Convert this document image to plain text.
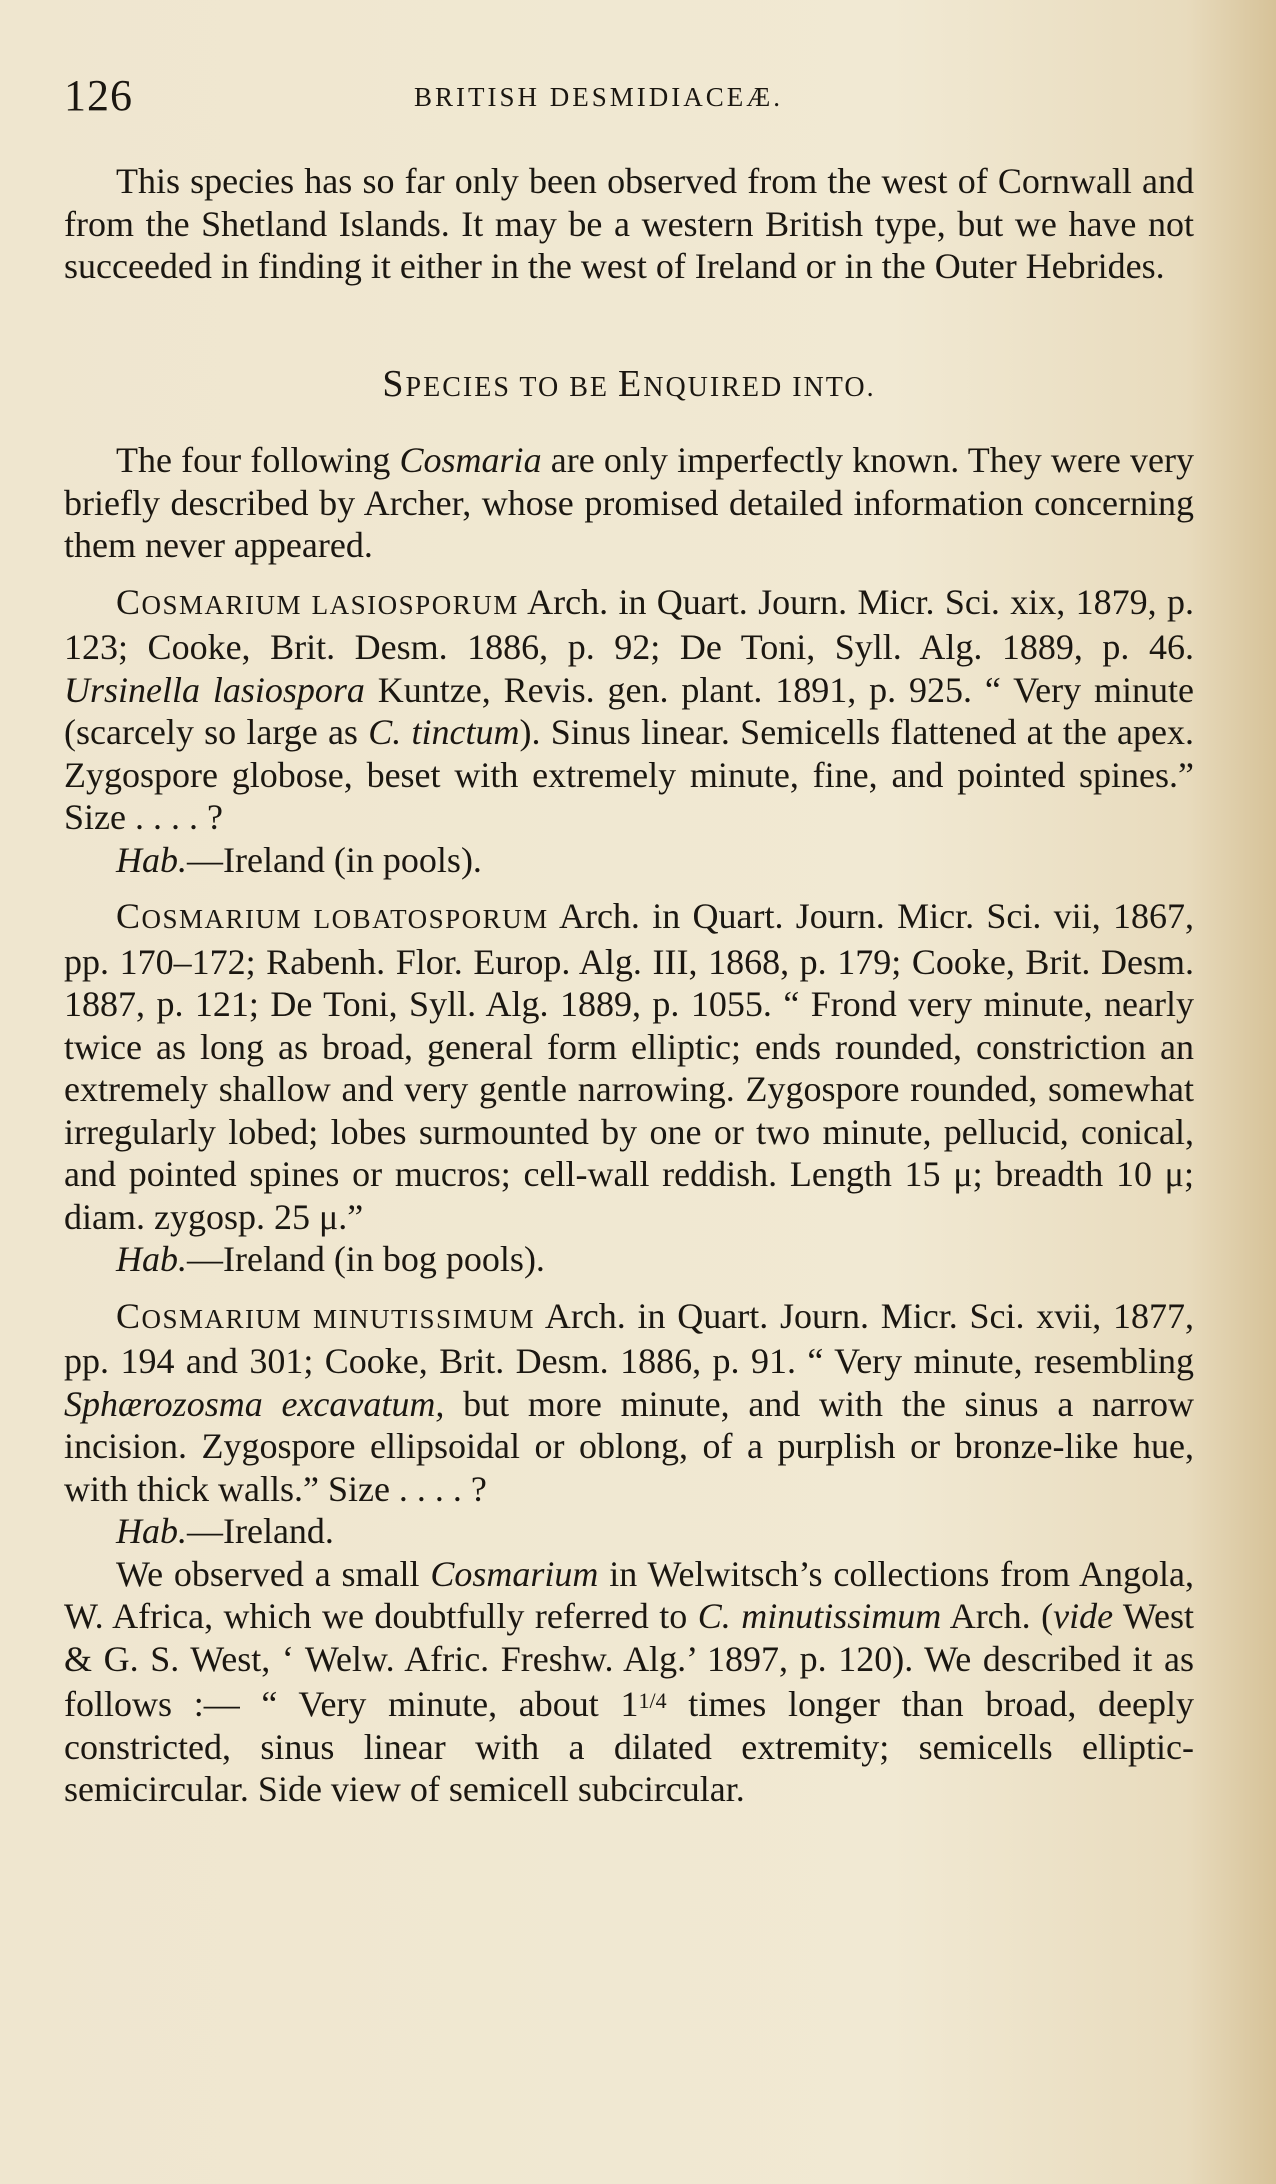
126	BRITISH DESMIDIACEÆ.

This species has so far only been observed from the west of Cornwall and from the Shetland Islands. It may be a western British type, but we have not succeeded in finding it either in the west of Ireland or in the Outer Hebrides.

SPECIES TO BE ENQUIRED INTO.

The four following Cosmaria are only imperfectly known. They were very briefly described by Archer, whose promised detailed information concerning them never appeared.

COSMARIUM LASIOSPORUM Arch. in Quart. Journ. Micr. Sci. xix, 1879, p. 123; Cooke, Brit. Desm. 1886, p. 92; De Toni, Syll. Alg. 1889, p. 46. Ursinella lasiospora Kuntze, Revis. gen. plant. 1891, p. 925. “ Very minute (scarcely so large as C. tinctum). Sinus linear. Semicells flattened at the apex. Zygospore globose, beset with extremely minute, fine, and pointed spines.” Size . . . . ?

Hab.—Ireland (in pools).

COSMARIUM LOBATOSPORUM Arch. in Quart. Journ. Micr. Sci. vii, 1867, pp. 170–172; Rabenh. Flor. Europ. Alg. III, 1868, p. 179; Cooke, Brit. Desm. 1887, p. 121; De Toni, Syll. Alg. 1889, p. 1055. “ Frond very minute, nearly twice as long as broad, general form elliptic; ends rounded, constriction an extremely shallow and very gentle narrowing. Zygospore rounded, somewhat irregularly lobed; lobes surmounted by one or two minute, pellucid, conical, and pointed spines or mucros; cell-wall reddish. Length 15 μ; breadth 10 μ; diam. zygosp. 25 μ.”

Hab.—Ireland (in bog pools).

COSMARIUM MINUTISSIMUM Arch. in Quart. Journ. Micr. Sci. xvii, 1877, pp. 194 and 301; Cooke, Brit. Desm. 1886, p. 91. “ Very minute, resembling Sphærozosma excavatum, but more minute, and with the sinus a narrow incision. Zygospore ellipsoidal or oblong, of a purplish or bronze-like hue, with thick walls.” Size . . . . ?

Hab.—Ireland.

We observed a small Cosmarium in Welwitsch’s collections from Angola, W. Africa, which we doubtfully referred to C. minutissimum Arch. (vide West & G. S. West, ‘ Welw. Afric. Freshw. Alg.’ 1897, p. 120). We described it as follows :— “ Very minute, about $1^{1/4}$ times longer than broad, deeply constricted, sinus linear with a dilated extremity; semicells elliptic-semicircular. Side view of semicell subcircular.
